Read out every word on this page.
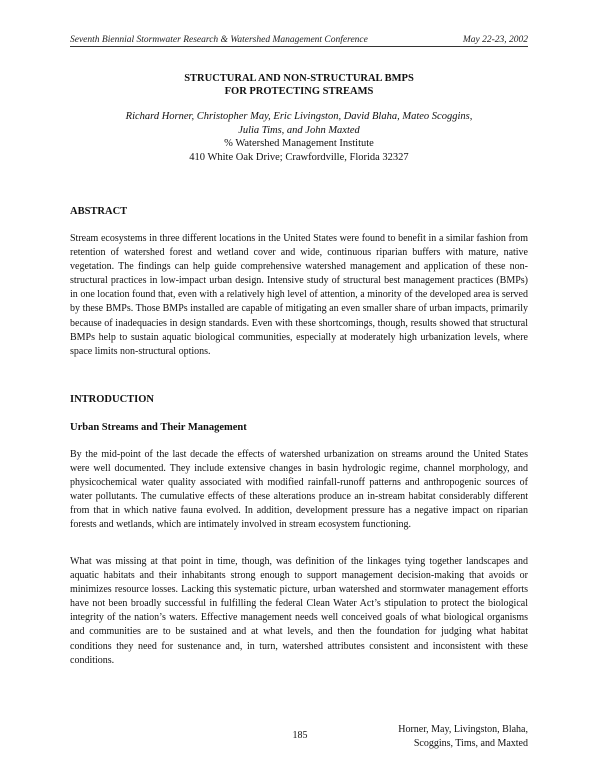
Seventh Biennial Stormwater Research & Watershed Management Conference	May 22-23, 2002
STRUCTURAL AND NON-STRUCTURAL BMPS
FOR PROTECTING STREAMS
Richard Horner, Christopher May, Eric Livingston, David Blaha, Mateo Scoggins,
Julia Tims, and John Maxted
% Watershed Management Institute
410 White Oak Drive; Crawfordville, Florida 32327
ABSTRACT
Stream ecosystems in three different locations in the United States were found to benefit in a similar fashion from retention of watershed forest and wetland cover and wide, continuous riparian buffers with mature, native vegetation. The findings can help guide comprehensive watershed management and application of these non-structural practices in low-impact urban design. Intensive study of structural best management practices (BMPs) in one location found that, even with a relatively high level of attention, a minority of the developed area is served by these BMPs. Those BMPs installed are capable of mitigating an even smaller share of urban impacts, primarily because of inadequacies in design standards. Even with these shortcomings, though, results showed that structural BMPs help to sustain aquatic biological communities, especially at moderately high urbanization levels, where space limits non-structural options.
INTRODUCTION
Urban Streams and Their Management
By the mid-point of the last decade the effects of watershed urbanization on streams around the United States were well documented. They include extensive changes in basin hydrologic regime, channel morphology, and physicochemical water quality associated with modified rainfall-runoff patterns and anthropogenic sources of water pollutants. The cumulative effects of these alterations produce an in-stream habitat considerably different from that in which native fauna evolved. In addition, development pressure has a negative impact on riparian forests and wetlands, which are intimately involved in stream ecosystem functioning.
What was missing at that point in time, though, was definition of the linkages tying together landscapes and aquatic habitats and their inhabitants strong enough to support management decision-making that avoids or minimizes resource losses. Lacking this systematic picture, urban watershed and stormwater management efforts have not been broadly successful in fulfilling the federal Clean Water Act’s stipulation to protect the biological integrity of the nation’s waters. Effective management needs well conceived goals of what biological organisms and communities are to be sustained and at what levels, and then the foundation for judging what habitat conditions they need for sustenance and, in turn, watershed attributes consistent and inconsistent with these conditions.
185
Horner, May, Livingston, Blaha,
Scoggins, Tims, and Maxted
